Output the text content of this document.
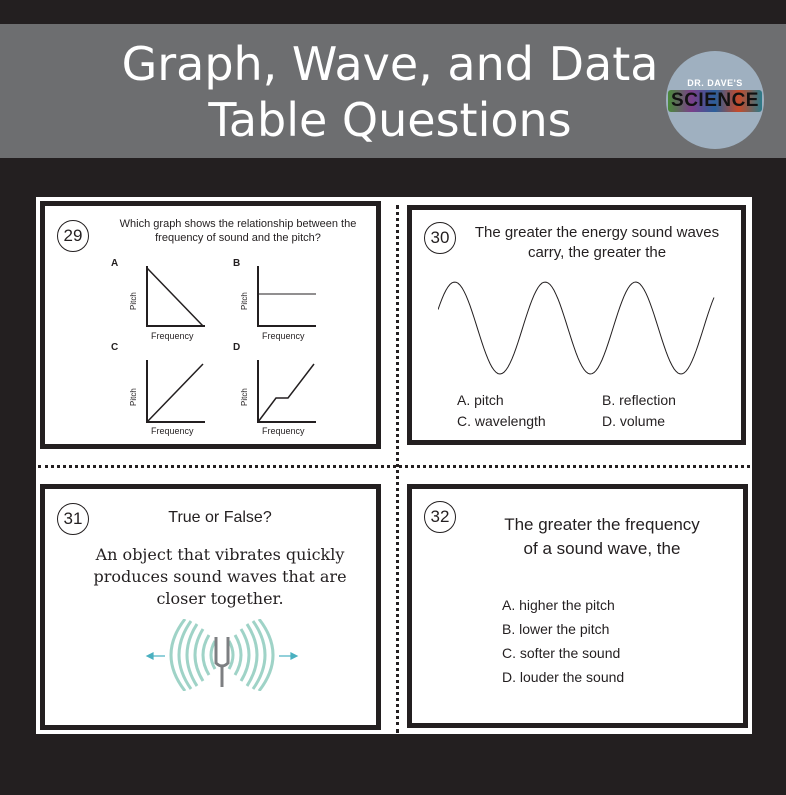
Graph, Wave, and Data
Table Questions
DR. DAVE'S
SCIENCE
29
Which graph shows the relationship between the
frequency of sound and the pitch?
A
Pitch
Frequency
B
Pitch
Frequency
C
Pitch
Frequency
D
Pitch
Frequency
30	The greater the energy sound waves
carry, the greater the
A. pitch	B. reflection
C. wavelength	D. volume
31	True or False?
An object that vibrates quickly
produces sound waves that are
closer together.
32	The greater the frequency
of a sound wave, the
A. higher the pitch
B. lower the pitch
C. softer the sound
D. louder the sound
